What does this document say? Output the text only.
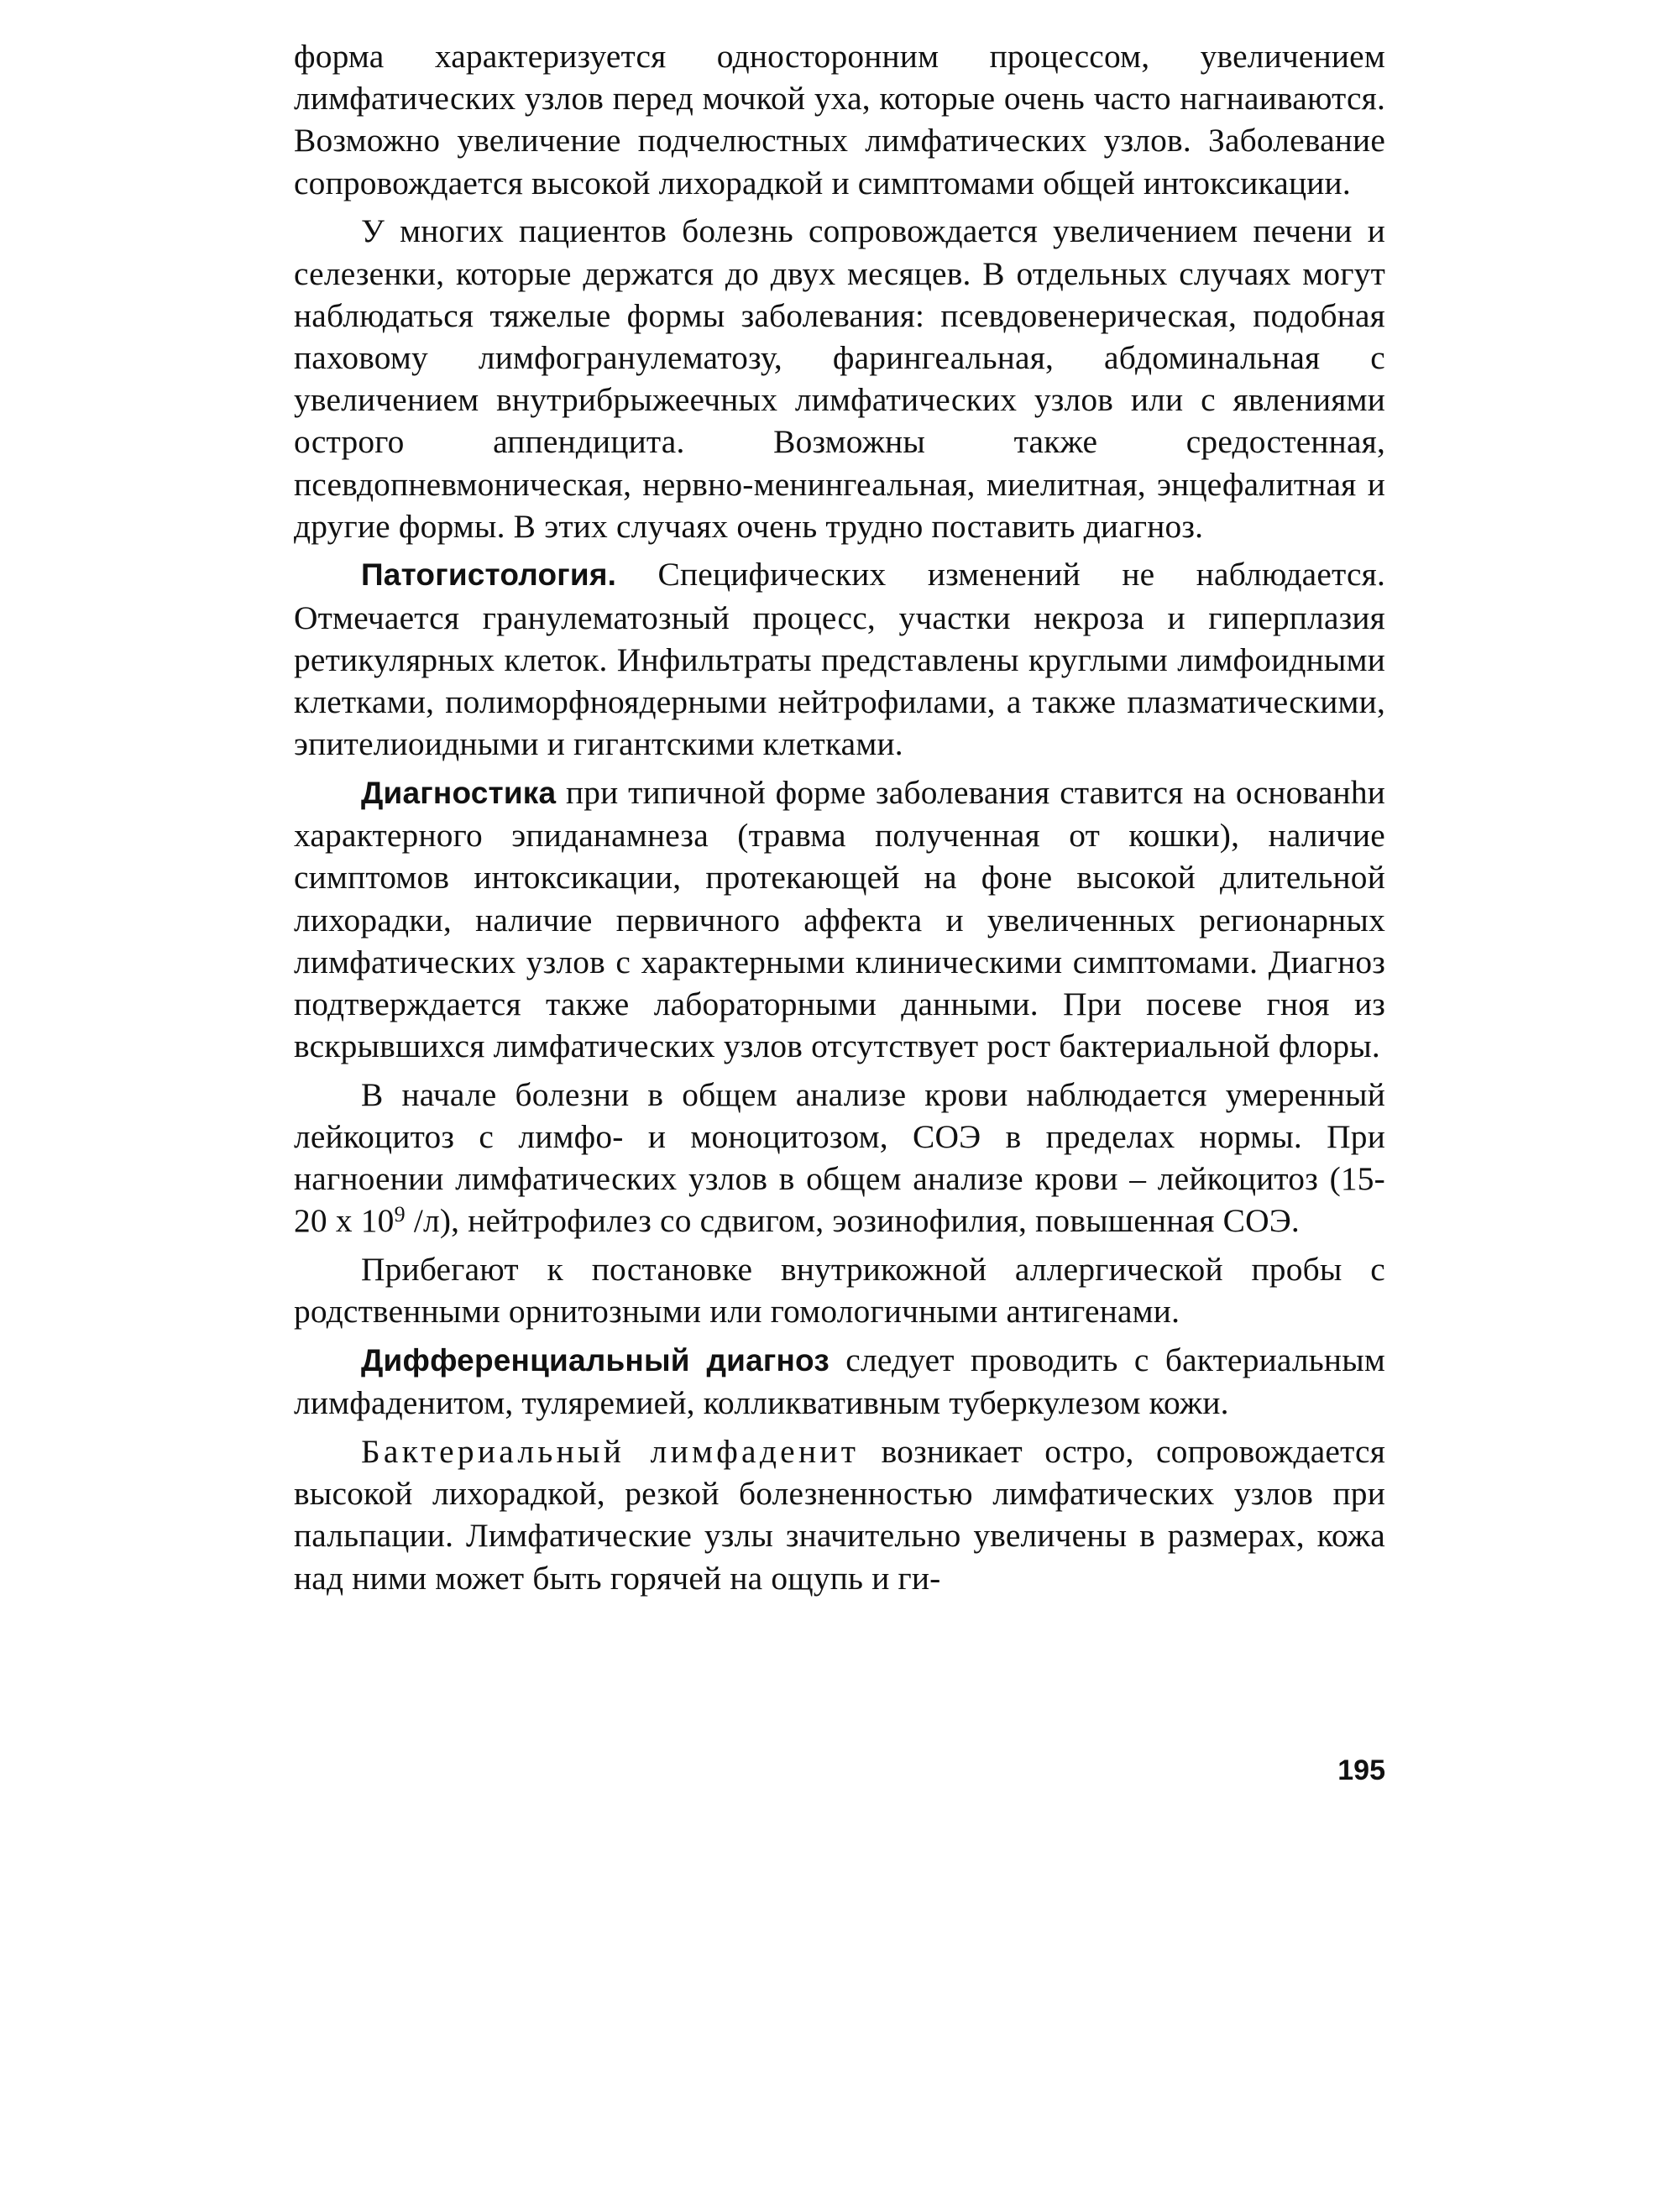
форма характеризуется односторонним процессом, увеличением лимфатических узлов перед мочкой уха, которые очень часто нагнаиваются. Возможно увеличение подчелюстных лимфатических узлов. Заболевание сопровождается высокой лихорадкой и симптомами общей интоксикации.

У многих пациентов болезнь сопровождается увеличением печени и селезенки, которые держатся до двух месяцев. В отдельных случаях могут наблюдаться тяжелые формы заболевания: псевдовенерическая, подобная паховому лимфогранулематозу, фарингеальная, абдоминальная с увеличением внутрибрыжеечных лимфатических узлов или с явлениями острого аппендицита. Возможны также средостенная, псевдопневмоническая, нервно-менингеальная, миелитная, энцефалитная и другие формы. В этих случаях очень трудно поставить диагноз.

Патогистология. Специфических изменений не наблюдается. Отмечается гранулематозный процесс, участки некроза и гиперплазия ретикулярных клеток. Инфильтраты представлены круглыми лимфоидными клетками, полиморфноядерными нейтрофилами, а также плазматическими, эпителиоидными и гигантскими клетками.

Диагностика при типичной форме заболевания ставится на основанhи характерного эпиданамнеза (травма полученная от кошки), наличие симптомов интоксикации, протекающей на фоне высокой длительной лихорадки, наличие первичного аффекта и увеличенных регионарных лимфатических узлов с характерными клиническими симптомами. Диагноз подтверждается также лабораторными данными. При посеве гноя из вскрывшихся лимфатических узлов отсутствует рост бактериальной флоры.

В начале болезни в общем анализе крови наблюдается умеренный лейкоцитоз с лимфо- и моноцитозом, СОЭ в пределах нормы. При нагноении лимфатических узлов в общем анализе крови – лейкоцитоз (15-20 х $10^9$ /л), нейтрофилез со сдвигом, эозинофилия, повышенная СОЭ.

Прибегают к постановке внутрикожной аллергической пробы с родственными орнитозными или гомологичными антигенами.

Дифференциальный диагноз следует проводить с бактериальным лимфаденитом, туляремией, колликвативным туберкулезом кожи.

Бактериальный лимфаденит возникает остро, сопровождается высокой лихорадкой, резкой болезненностью лимфатических узлов при пальпации. Лимфатические узлы значительно увеличены в размерах, кожа над ними может быть горячей на ощупь и ги-

195
